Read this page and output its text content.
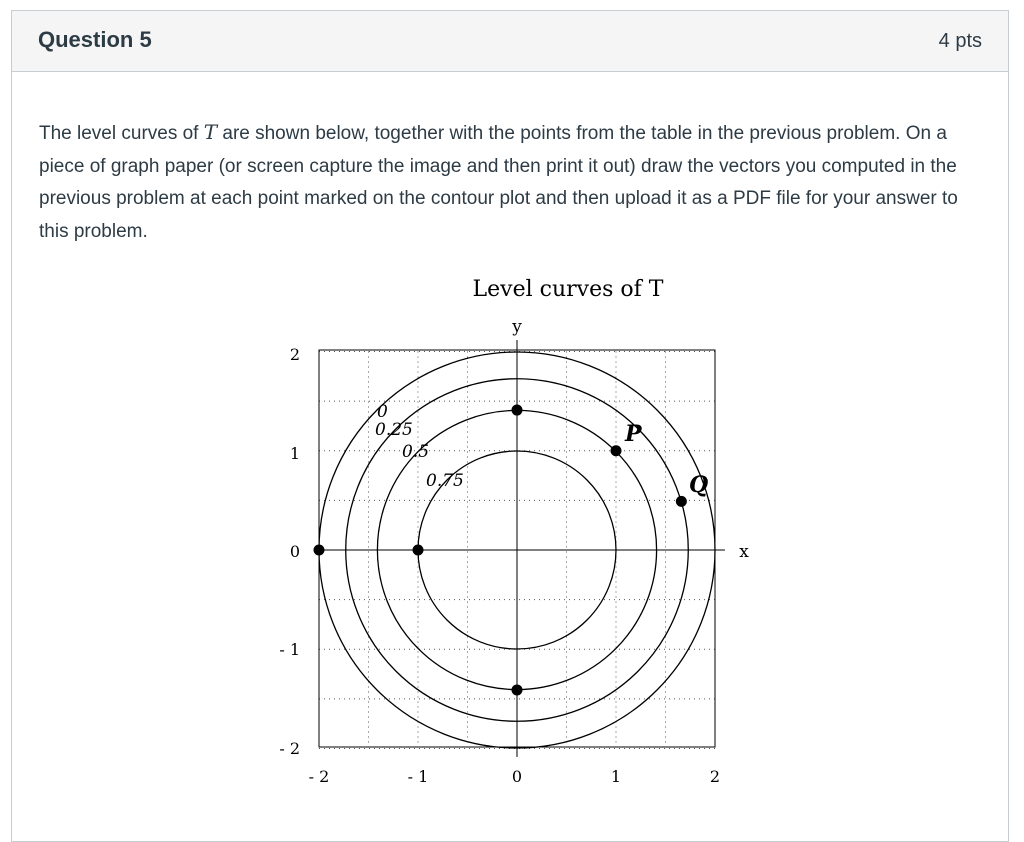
Question 5	4 pts
The level curves of T are shown below, together with the points from the table in the previous problem. On a piece of graph paper (or screen capture the image and then print it out) draw the vectors you computed in the previous problem at each point marked on the contour plot and then upload it as a PDF file for your answer to this problem.
Level curves of T
y
x
2
1
0
- 1
- 2
- 2	- 1	0	1	2
0
0.25
0.5
0.75
P
Q
